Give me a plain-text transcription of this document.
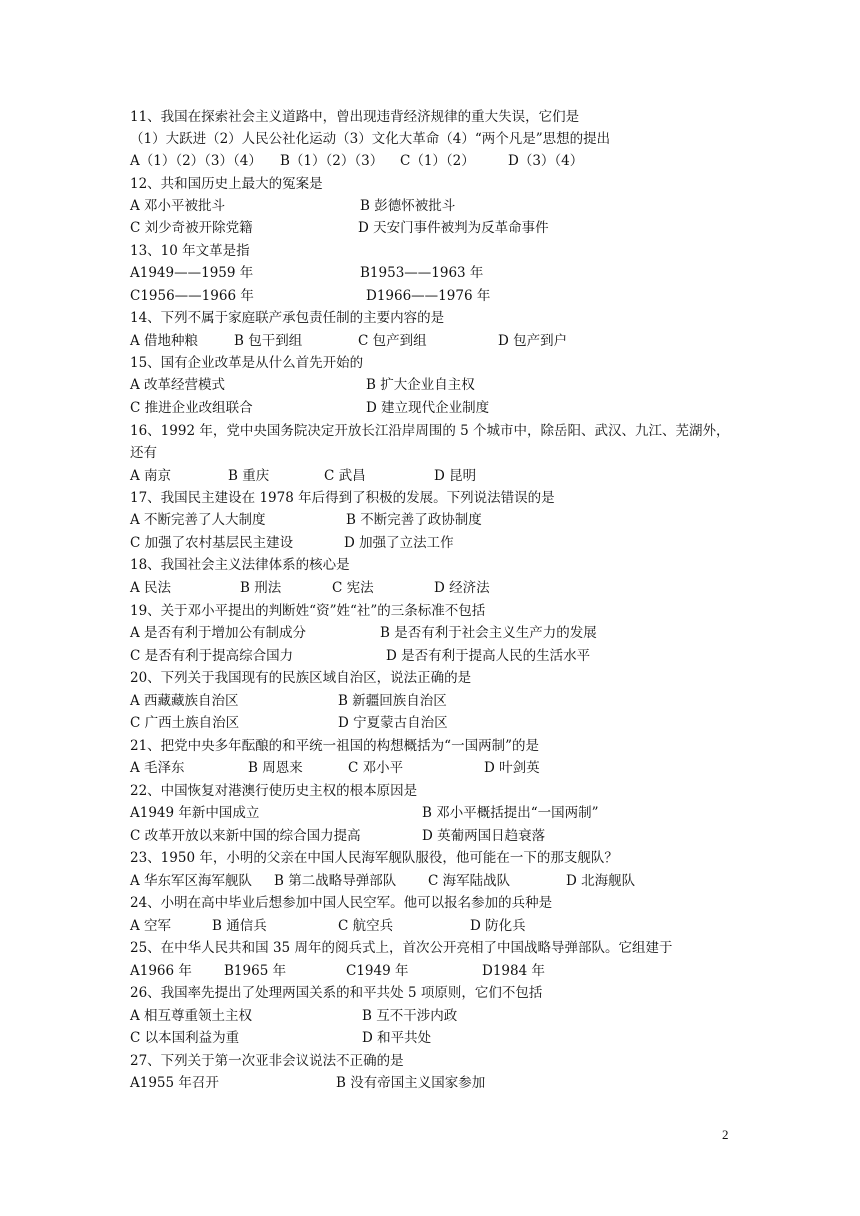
11、我国在探索社会主义道路中，曾出现违背经济规律的重大失误，它们是
（1）大跃进（2）人民公社化运动（3）文化大革命（4）“两个凡是”思想的提出
A（1）（2）（3）（4） B（1）（2）（3） C（1）（2） D（3）（4）
12、共和国历史上最大的冤案是
A 邓小平被批斗	B 彭德怀被批斗
C 刘少奇被开除党籍	D 天安门事件被判为反革命事件
13、10 年文革是指
A1949——1959 年	B1953——1963 年
C1956——1966 年	D1966——1976 年
14、下列不属于家庭联产承包责任制的主要内容的是
A 借地种粮	B 包干到组	C 包产到组	D 包产到户
15、国有企业改革是从什么首先开始的
A 改革经营模式	B 扩大企业自主权
C 推进企业改组联合	D 建立现代企业制度
16、1992 年，党中央国务院决定开放长江沿岸周围的 5 个城市中，除岳阳、武汉、九江、芜湖外，
还有
A 南京	B 重庆	C 武昌	D 昆明
17、我国民主建设在 1978 年后得到了积极的发展。下列说法错误的是
A 不断完善了人大制度	B 不断完善了政协制度
C 加强了农村基层民主建设	D 加强了立法工作
18、我国社会主义法律体系的核心是
A 民法	B 刑法	C 宪法	D 经济法
19、关于邓小平提出的判断姓“资”姓“社”的三条标准不包括
A 是否有利于增加公有制成分	B 是否有利于社会主义生产力的发展
C 是否有利于提高综合国力	D 是否有利于提高人民的生活水平
20、下列关于我国现有的民族区域自治区，说法正确的是
A 西藏藏族自治区	B 新疆回族自治区
C 广西土族自治区	D 宁夏蒙古自治区
21、把党中央多年酝酿的和平统一祖国的构想概括为“一国两制”的是
A 毛泽东	B 周恩来	C 邓小平	D 叶剑英
22、中国恢复对港澳行使历史主权的根本原因是
A1949 年新中国成立	B 邓小平概括提出“一国两制”
C 改革开放以来新中国的综合国力提高	D 英葡两国日趋衰落
23、1950 年，小明的父亲在中国人民海军舰队服役，他可能在一下的那支舰队？
A 华东军区海军舰队 B 第二战略导弹部队 C 海军陆战队	D 北海舰队
24、小明在高中毕业后想参加中国人民空军。他可以报名参加的兵种是
A 空军	B 通信兵	C 航空兵	D 防化兵
25、在中华人民共和国 35 周年的阅兵式上，首次公开亮相了中国战略导弹部队。它组建于
A1966 年 B1965 年	C1949 年	D1984 年
26、我国率先提出了处理两国关系的和平共处 5 项原则，它们不包括
A 相互尊重领土主权	B 互不干涉内政
C 以本国利益为重	D 和平共处
27、下列关于第一次亚非会议说法不正确的是
A1955 年召开	B 没有帝国主义国家参加
2
